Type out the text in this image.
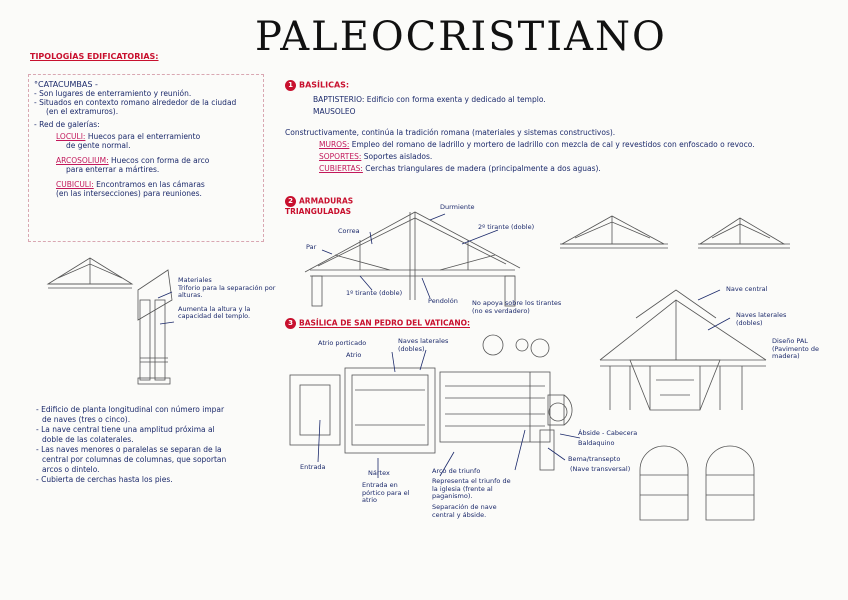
PALEOCRISTIANO
TIPOLOGÍAS EDIFICATORIAS:
°CATACUMBAS -
- Son lugares de enterramiento y reunión.
- Situados en contexto romano alrededor de la ciudad
(en el extramuros).
- Red de galerías:
LOCULI: Huecos para el enterramiento
de gente normal.
ARCOSOLIUM: Huecos con forma de arco
para enterrar a mártires.
CUBICULI: Encontramos en las cámaras
(en las intersecciones) para reuniones.
1 BASÍLICAS:
BAPTISTERIO: Edificio con forma exenta y dedicado al templo.
MAUSOLEO
Constructivamente, continúa la tradición romana (materiales y sistemas constructivos).
MUROS: Empleo del romano de ladrillo y mortero de ladrillo con mezcla de cal y revestidos con enfoscado o revoco.
SOPORTES: Soportes aislados.
CUBIERTAS: Cerchas triangulares de madera (principalmente a dos aguas).
2 ARMADURAS TRIANGULADAS
3 BASÍLICA DE SAN PEDRO DEL VATICANO:
- Edificio de planta longitudinal con número impar
de naves (tres o cinco).
- La nave central tiene una amplitud próxima al
doble de las colaterales.
- Las naves menores o paralelas se separan de la
central por columnas de columnas, que soportan
arcos o dintelo.
- Cubierta de cerchas hasta los pies.
Materiales
Triforio para la separación por alturas.
Aumenta la altura y la capacidad del templo.
Par
Correa
Durmiente
2º tirante (doble)
1º tirante (doble)
Pendolón No apoya sobre los tirantes (no es verdadero)
Atrio porticado
Atrio
Naves laterales (dobles)
Entrada
Nártex
Entrada en pórtico para el atrio
Arco de triunfo
Representa el triunfo de la iglesia (frente al paganismo).
Separación de nave central y ábside.
Ábside - Cabecera
Baldaquino
Bema/transepto
(Nave transversal)
Nave central
Naves laterales (dobles)
Diseño PAL (Pavimento de madera)
